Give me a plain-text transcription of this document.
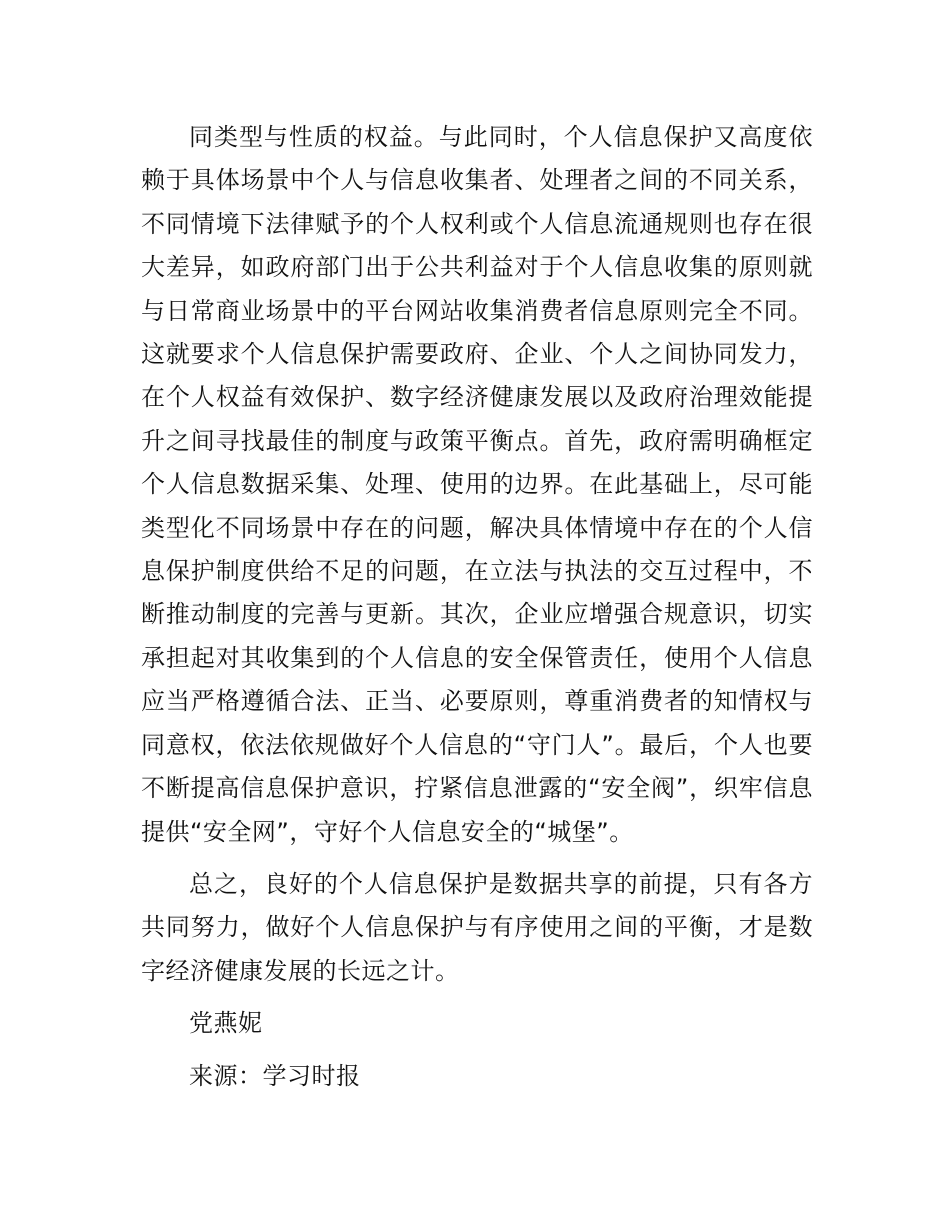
同类型与性质的权益。与此同时，个人信息保护又高度依赖于具体场景中个人与信息收集者、处理者之间的不同关系，不同情境下法律赋予的个人权利或个人信息流通规则也存在很大差异，如政府部门出于公共利益对于个人信息收集的原则就与日常商业场景中的平台网站收集消费者信息原则完全不同。这就要求个人信息保护需要政府、企业、个人之间协同发力，在个人权益有效保护、数字经济健康发展以及政府治理效能提升之间寻找最佳的制度与政策平衡点。首先，政府需明确框定个人信息数据采集、处理、使用的边界。在此基础上，尽可能类型化不同场景中存在的问题，解决具体情境中存在的个人信息保护制度供给不足的问题，在立法与执法的交互过程中，不断推动制度的完善与更新。其次，企业应增强合规意识，切实承担起对其收集到的个人信息的安全保管责任，使用个人信息应当严格遵循合法、正当、必要原则，尊重消费者的知情权与同意权，依法依规做好个人信息的“守门人”。最后，个人也要不断提高信息保护意识，拧紧信息泄露的“安全阀”，织牢信息提供“安全网”，守好个人信息安全的“城堡”。

总之，良好的个人信息保护是数据共享的前提，只有各方共同努力，做好个人信息保护与有序使用之间的平衡，才是数字经济健康发展的长远之计。

党燕妮

来源：学习时报
